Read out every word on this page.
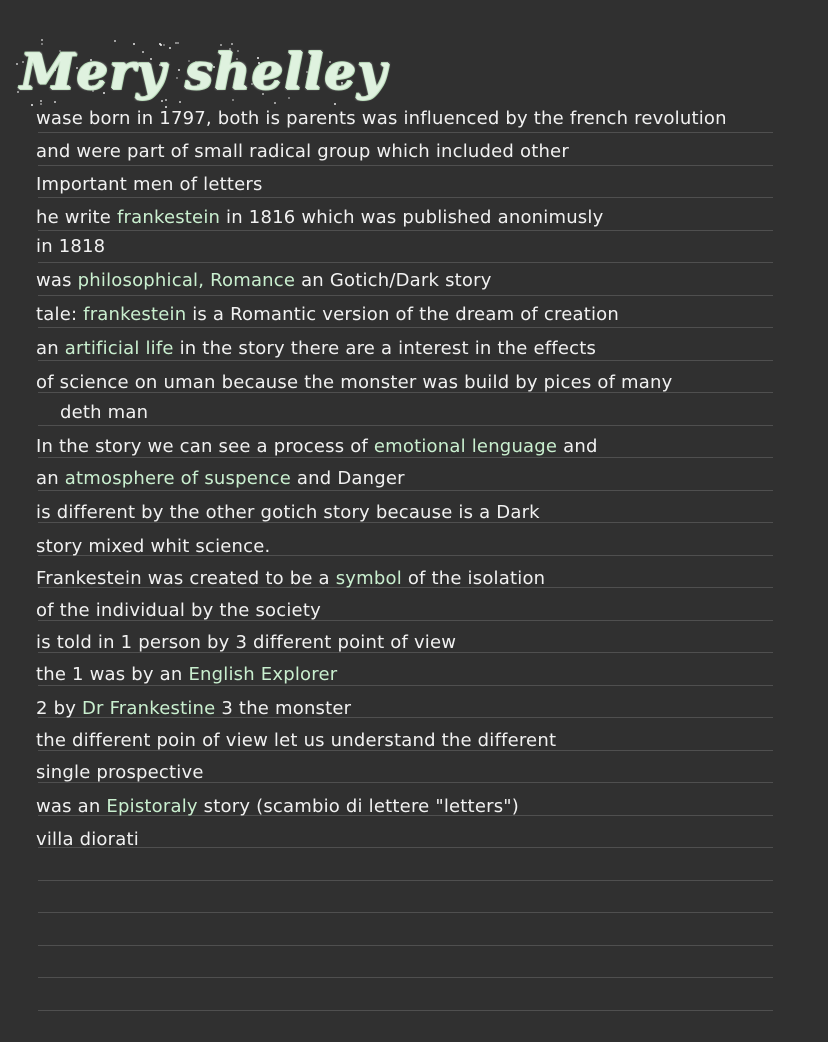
Mery shelley
wase born in 1797, both is parents was influenced by the french revolution
and were part of small radical group which included other
Important men of letters
he write frankestein in 1816 which was published anonimusly
in 1818
was philosophical, Romance an Gotich/Dark story
tale: frankestein is a Romantic version of the dream of creation
an artificial life in the story there are a interest in the effects
of science on uman because the monster was build by pices of many
deth man
In the story we can see a process of emotional lenguage and
an atmosphere of suspence and Danger
is different by the other gotich story because is a Dark
story mixed whit science.
Frankestein was created to be a symbol of the isolation
of the individual by the society
is told in 1 person by 3 different point of view
the 1 was by an English Explorer
2 by Dr Frankestine 3 the monster
the different poin of view let us understand the different
single prospective
was an Epistoraly story (scambio di lettere "letters")
villa diorati
